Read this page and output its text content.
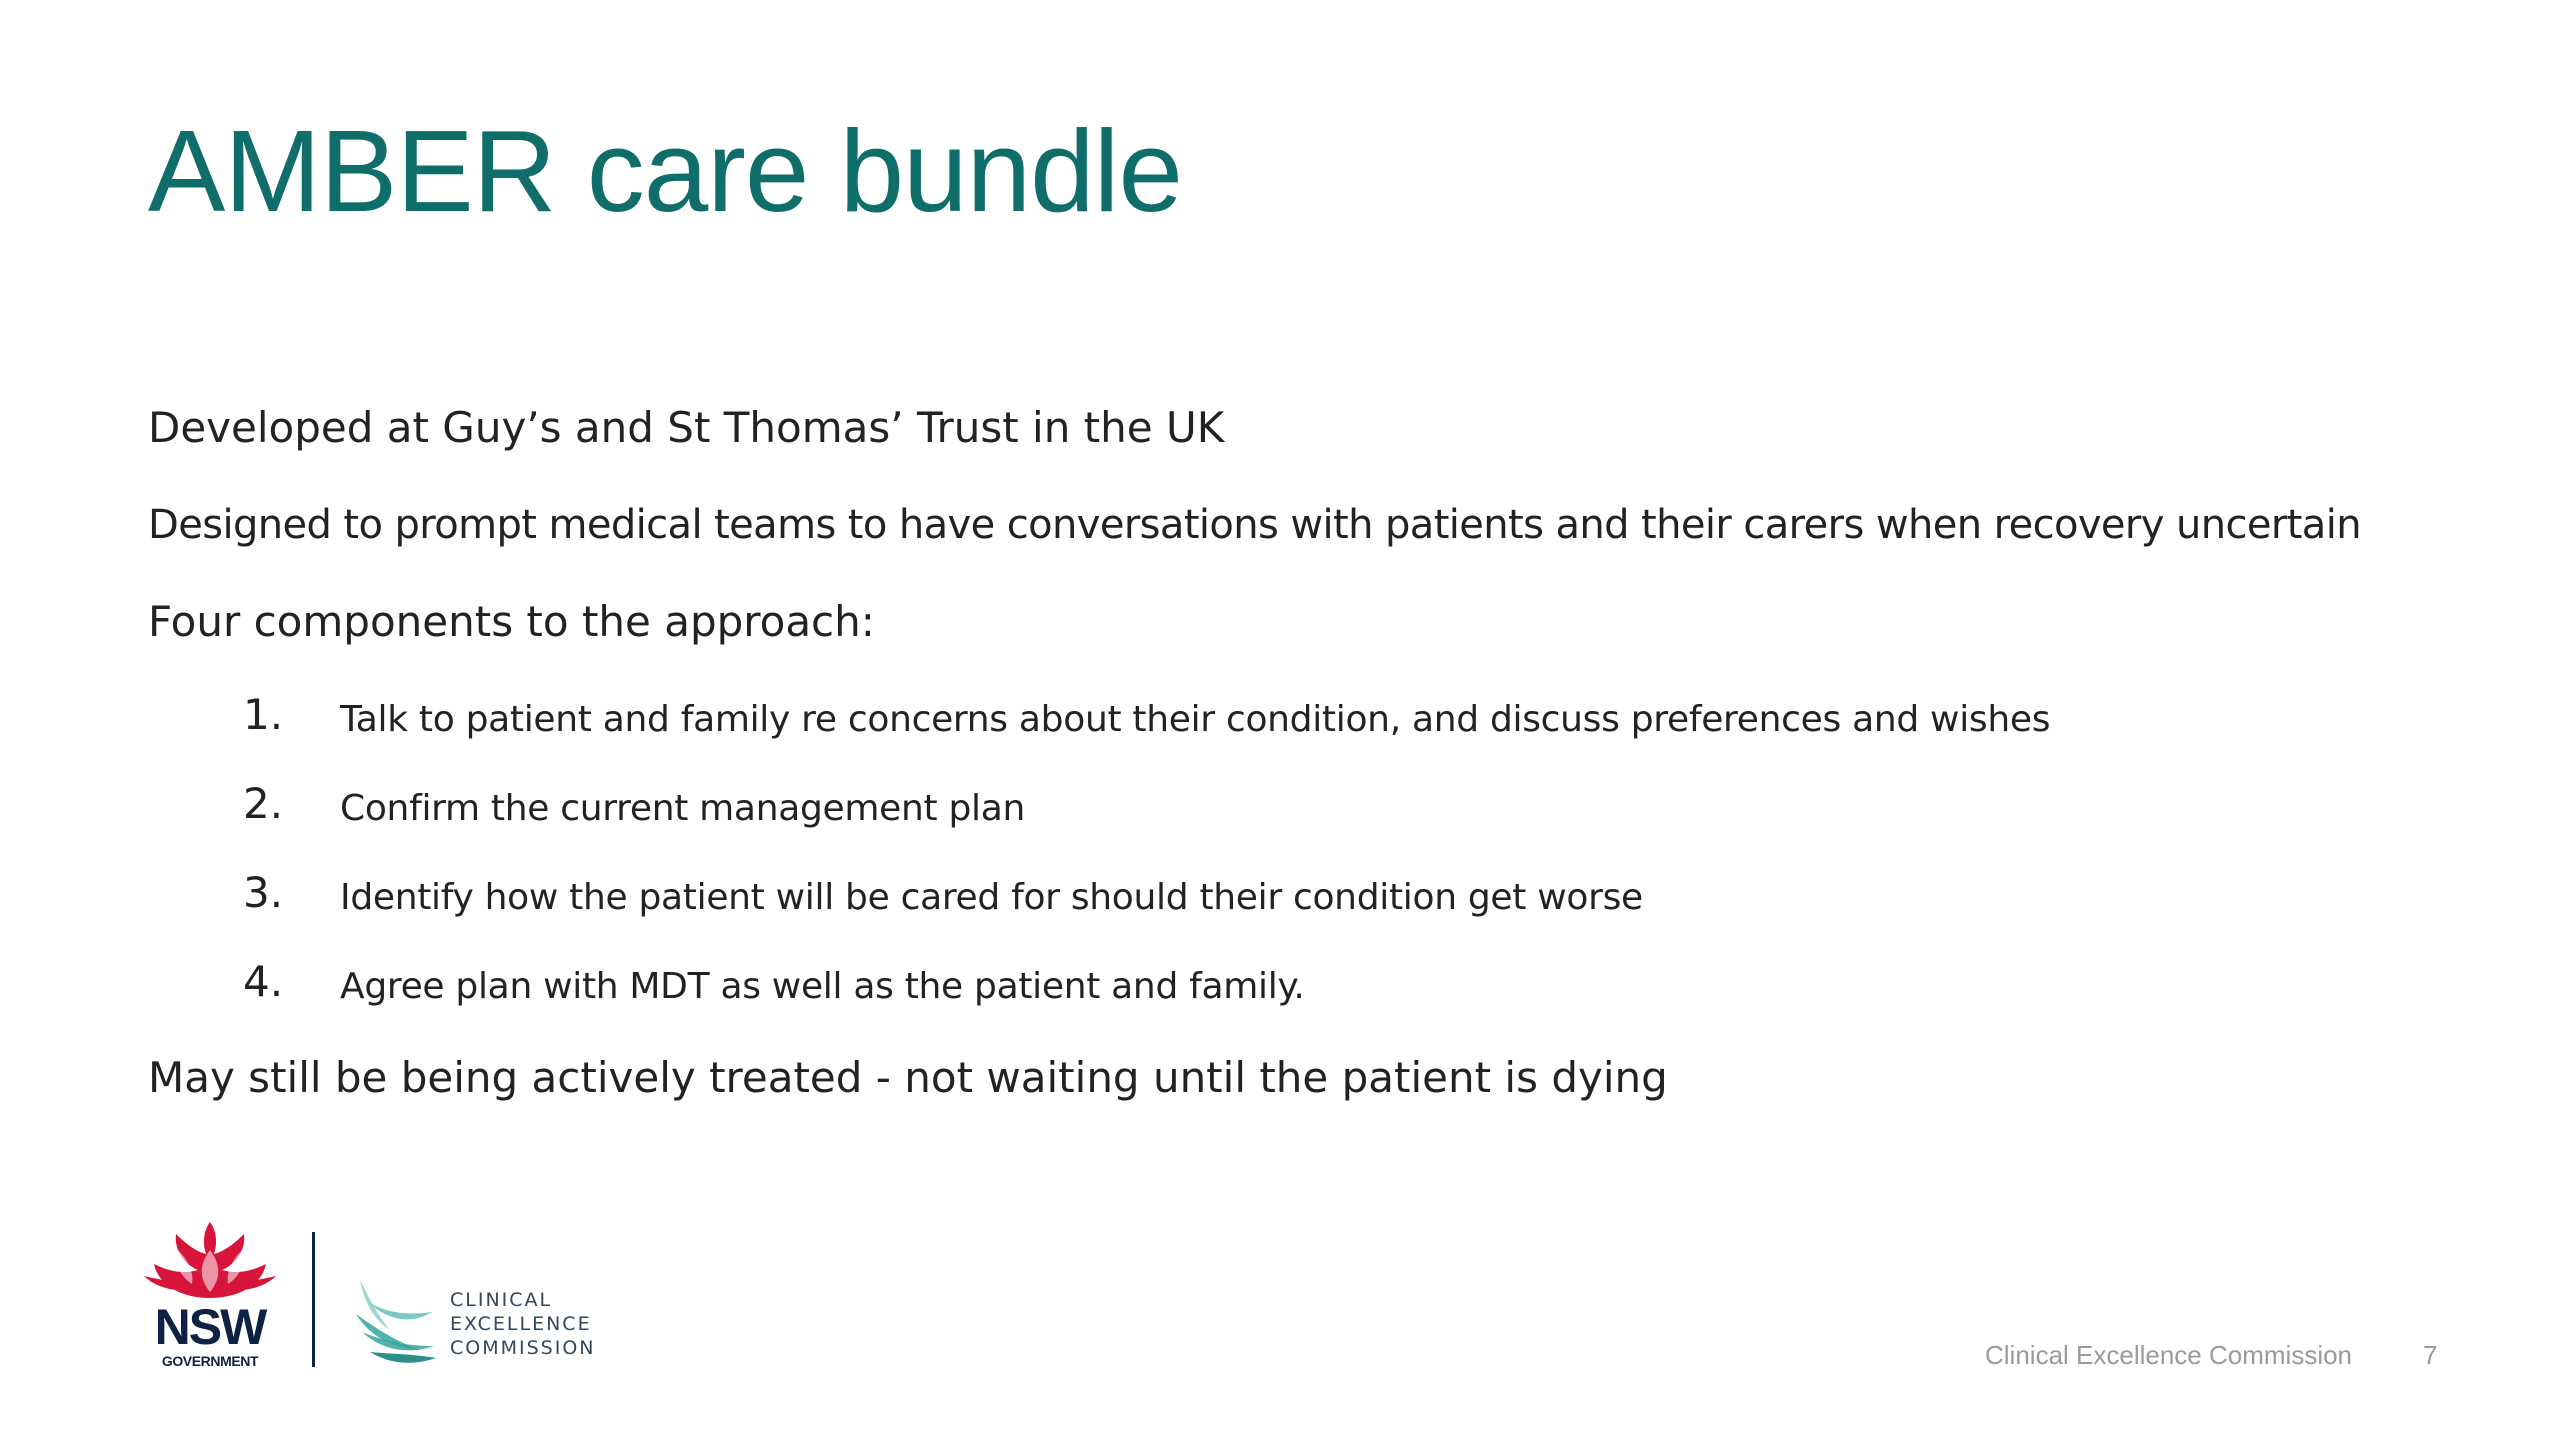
AMBER care bundle

Developed at Guy’s and St Thomas’ Trust in the UK

Designed to prompt medical teams to have conversations with patients and their carers when recovery uncertain

Four components to the approach:

1. Talk to patient and family re concerns about their condition, and discuss preferences and wishes
2. Confirm the current management plan
3. Identify how the patient will be cared for should their condition get worse
4. Agree plan with MDT as well as the patient and family.

May still be being actively treated - not waiting until the patient is dying

NSW
GOVERNMENT
CLINICAL
EXCELLENCE
COMMISSION	Clinical Excellence Commission	7
